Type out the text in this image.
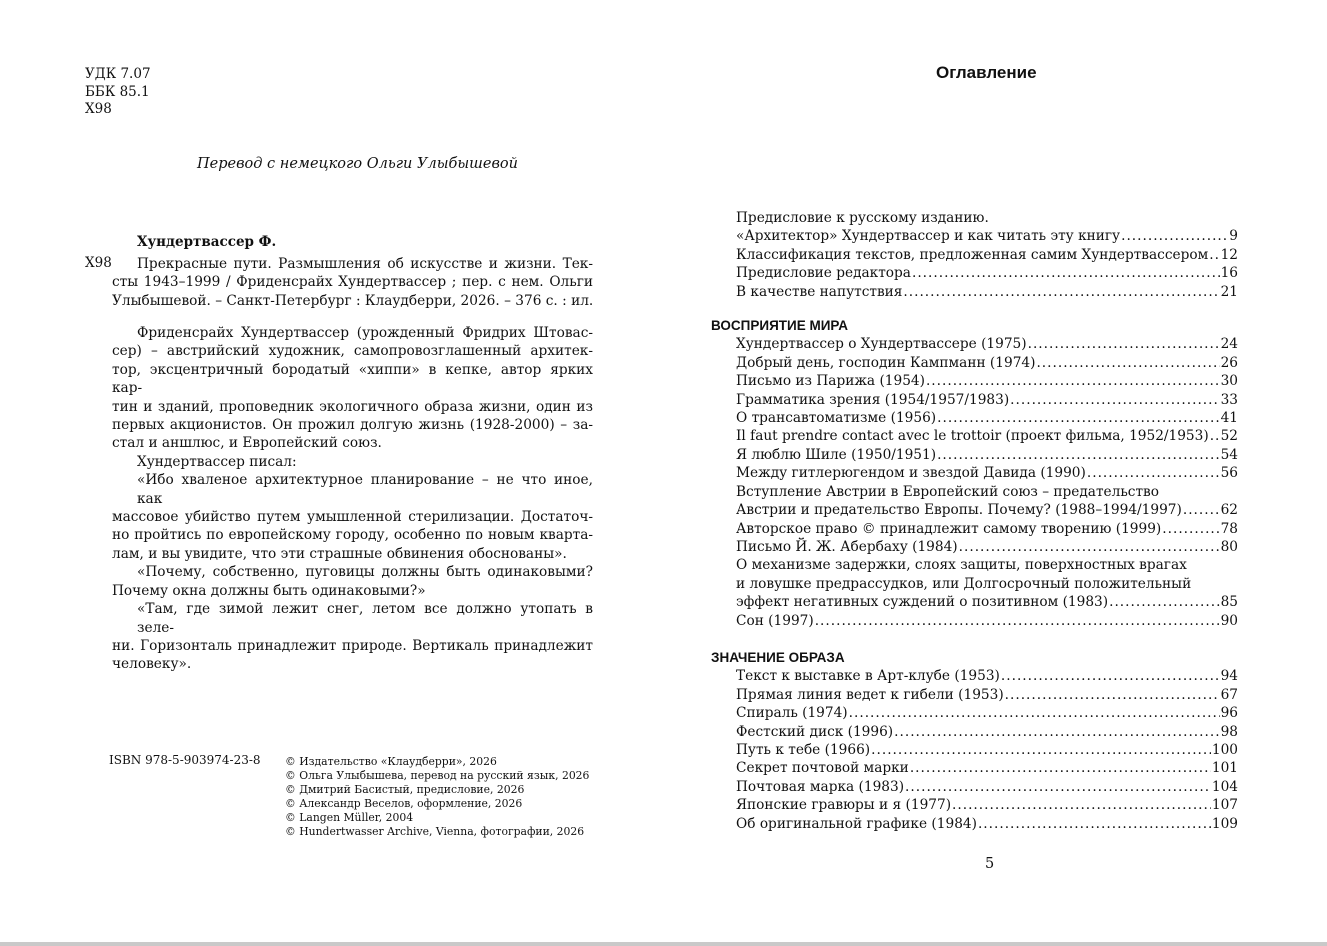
УДК 7.07
ББК 85.1
Х98
Перевод с немецкого Ольги Улыбышевой
Хундертвассер Ф.
Х98	Прекрасные пути. Размышления об искусстве и жизни. Тек-
сты 1943–1999 / Фриденсрайх Хундертвассер ; пер. с нем. Ольги
Улыбышевой. – Санкт-Петербург : Клаудберри, 2026. – 376 с. : ил.
Фриденсрайх Хундертвассер (урожденный Фридрих Штовас-
сер) – австрийский художник, самопровозглашенный архитек-
тор, эксцентричный бородатый «хиппи» в кепке, автор ярких кар-
тин и зданий, проповедник экологичного образа жизни, один из
первых акционистов. Он прожил долгую жизнь (1928-2000) – за-
стал и аншлюс, и Европейский союз.
Хундертвассер писал:
«Ибо хваленое архитектурное планирование – не что иное, как
массовое убийство путем умышленной стерилизации. Достаточ-
но пройтись по европейскому городу, особенно по новым кварта-
лам, и вы увидите, что эти страшные обвинения обоснованы».
«Почему, собственно, пуговицы должны быть одинаковыми?
Почему окна должны быть одинаковыми?»
«Там, где зимой лежит снег, летом все должно утопать в зеле-
ни. Горизонталь принадлежит природе. Вертикаль принадлежит
человеку».
ISBN 978-5-903974-23-8 © Издательство «Клаудберри», 2026
© Ольга Улыбышева, перевод на русский язык, 2026
© Дмитрий Басистый, предисловие, 2026
© Александр Веселов, оформление, 2026
© Langen Müller, 2004
© Hundertwasser Archive, Vienna, фотографии, 2026
Оглавление
Предисловие к русскому изданию.
«Архитектор» Хундертвассер и как читать эту книгу .....	9
Классификация текстов, предложенная самим Хундертвассером ..... 12
Предисловие редактора .....	16
В качестве напутствия .....	21
ВОСПРИЯТИЕ МИРА
Хундертвассер о Хундертвассере (1975) .....	24
Добрый день, господин Кампманн (1974) .....	26
Письмо из Парижа (1954) .....	30
Грамматика зрения (1954/1957/1983) .....	33
О трансавтоматизме (1956) .....	41
Il faut prendre contact avec le trottoir (проект фильма, 1952/1953) ..... 52
Я люблю Шиле (1950/1951) .....	54
Между гитлерюгендом и звездой Давида (1990) .....	56
Вступление Австрии в Европейский союз – предательство
Австрии и предательство Европы. Почему? (1988–1994/1997) .....	62
Авторское право © принадлежит самому творению (1999) .....	78
Письмо Й. Ж. Абербаху (1984) .....	80
О механизме задержки, слоях защиты, поверхностных врагах
и ловушке предрассудков, или Долгосрочный положительный
эффект негативных суждений о позитивном (1983) .....	85
Сон (1997) .....	90
ЗНАЧЕНИЕ ОБРАЗА
Текст к выставке в Арт-клубе (1953) .....	94
Прямая линия ведет к гибели (1953) .....	67
Спираль (1974) .....	96
Фестский диск (1996) .....	98
Путь к тебе (1966) .....	100
Секрет почтовой марки .....	101
Почтовая марка (1983) .....	104
Японские гравюры и я (1977) .....	107
Об оригинальной графике (1984) .....	109
5
